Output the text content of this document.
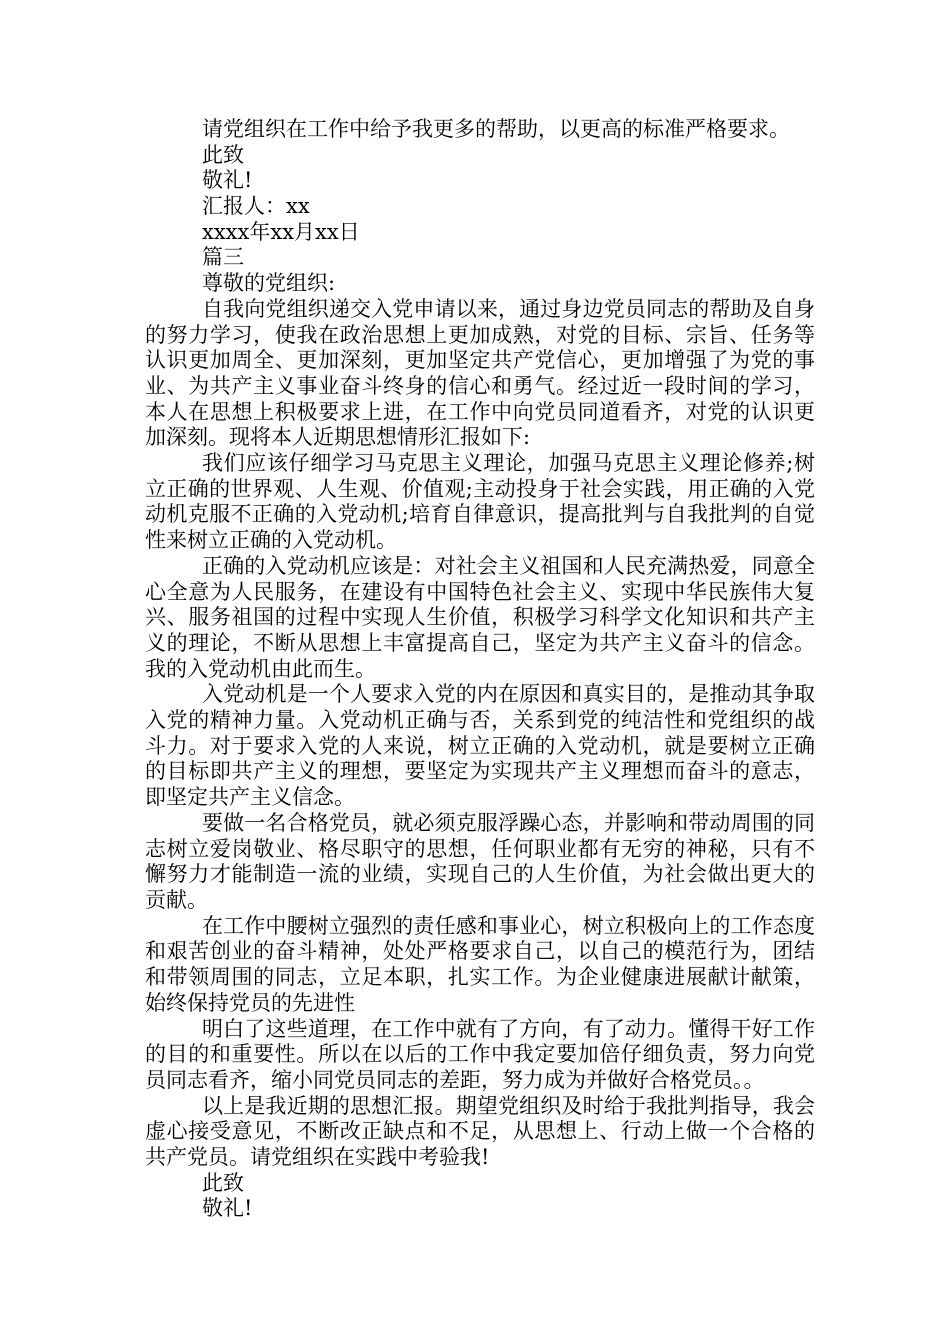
请党组织在工作中给予我更多的帮助，以更高的标准严格要求。
此致
敬礼!
汇报人：xx
xxxx年xx月xx日
篇三
尊敬的党组织:

自我向党组织递交入党申请以来，通过身边党员同志的帮助及自身的努力学习，使我在政治思想上更加成熟，对党的目标、宗旨、任务等认识更加周全、更加深刻，更加坚定共产党信心，更加增强了为党的事业、为共产主义事业奋斗终身的信心和勇气。经过近一段时间的学习，本人在思想上积极要求上进，在工作中向党员同道看齐，对党的认识更加深刻。现将本人近期思想情形汇报如下:

我们应该仔细学习马克思主义理论，加强马克思主义理论修养;树立正确的世界观、人生观、价值观;主动投身于社会实践，用正确的入党动机克服不正确的入党动机;培育自律意识，提高批判与自我批判的自觉性来树立正确的入党动机。

正确的入党动机应该是：对社会主义祖国和人民充满热爱，同意全心全意为人民服务，在建设有中国特色社会主义、实现中华民族伟大复兴、服务祖国的过程中实现人生价值，积极学习科学文化知识和共产主义的理论，不断从思想上丰富提高自己，坚定为共产主义奋斗的信念。我的入党动机由此而生。

入党动机是一个人要求入党的内在原因和真实目的，是推动其争取入党的精神力量。入党动机正确与否，关系到党的纯洁性和党组织的战斗力。对于要求入党的人来说，树立正确的入党动机，就是要树立正确的目标即共产主义的理想，要坚定为实现共产主义理想而奋斗的意志，即坚定共产主义信念。

要做一名合格党员，就必须克服浮躁心态，并影响和带动周围的同志树立爱岗敬业、格尽职守的思想，任何职业都有无穷的神秘，只有不懈努力才能制造一流的业绩，实现自己的人生价值，为社会做出更大的贡献。

在工作中腰树立强烈的责任感和事业心，树立积极向上的工作态度和艰苦创业的奋斗精神，处处严格要求自己，以自己的模范行为，团结和带领周围的同志，立足本职，扎实工作。为企业健康进展献计献策，始终保持党员的先进性

明白了这些道理，在工作中就有了方向，有了动力。懂得干好工作的目的和重要性。所以在以后的工作中我定要加倍仔细负责，努力向党员同志看齐，缩小同党员同志的差距，努力成为并做好合格党员。。

以上是我近期的思想汇报。期望党组织及时给于我批判指导，我会虚心接受意见，不断改正缺点和不足，从思想上、行动上做一个合格的共产党员。请党组织在实践中考验我!

此致
敬礼!
